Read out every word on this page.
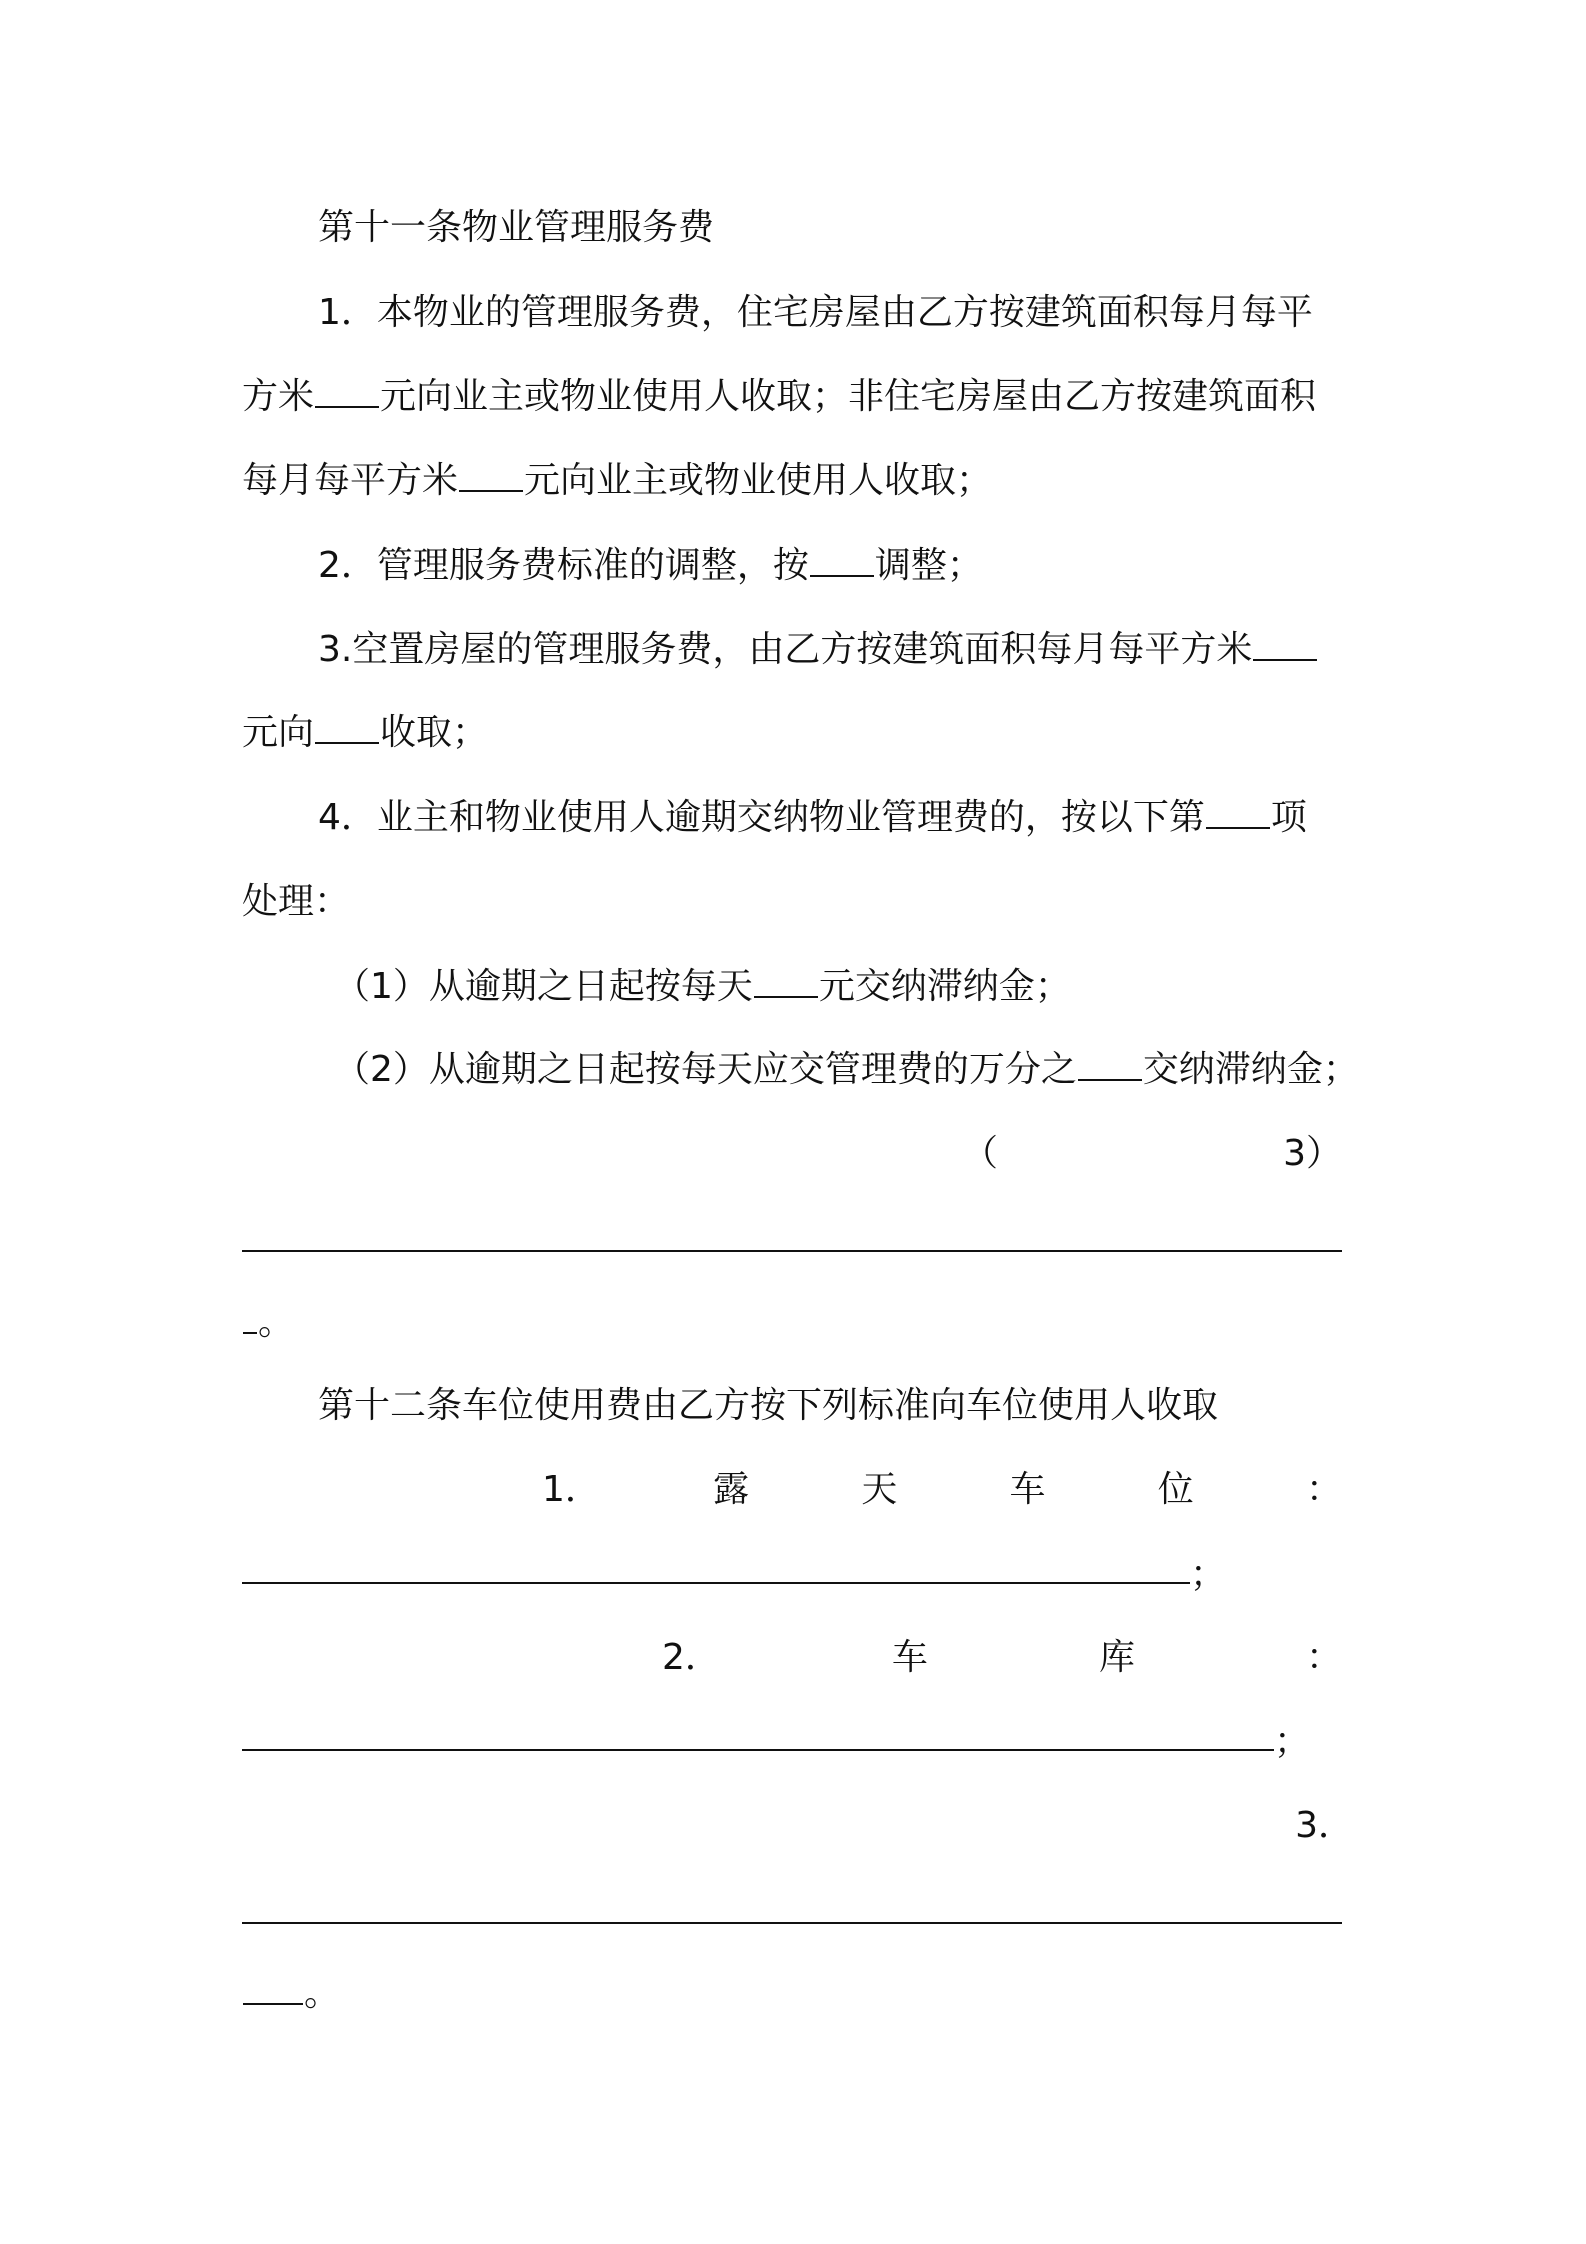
第十一条物业管理服务费
1．本物业的管理服务费，住宅房屋由乙方按建筑面积每月每平
方米 元向业主或物业使用人收取；非住宅房屋由乙方按建筑面积
每月每平方米 元向业主或物业使用人收取；
2．管理服务费标准的调整，按 调整；
3.空置房屋的管理服务费，由乙方按建筑面积每月每平方米
元向 收取；
4．业主和物业使用人逾期交纳物业管理费的，按以下第 项
处理：
（1）从逾期之日起按每天 元交纳滞纳金；
（2）从逾期之日起按每天应交管理费的万分之 交纳滞纳金；
（	3）
。
第十二条车位使用费由乙方按下列标准向车位使用人收取
1．	露	天	车	位	：
；
2．	车	库	：
；
3．
。
